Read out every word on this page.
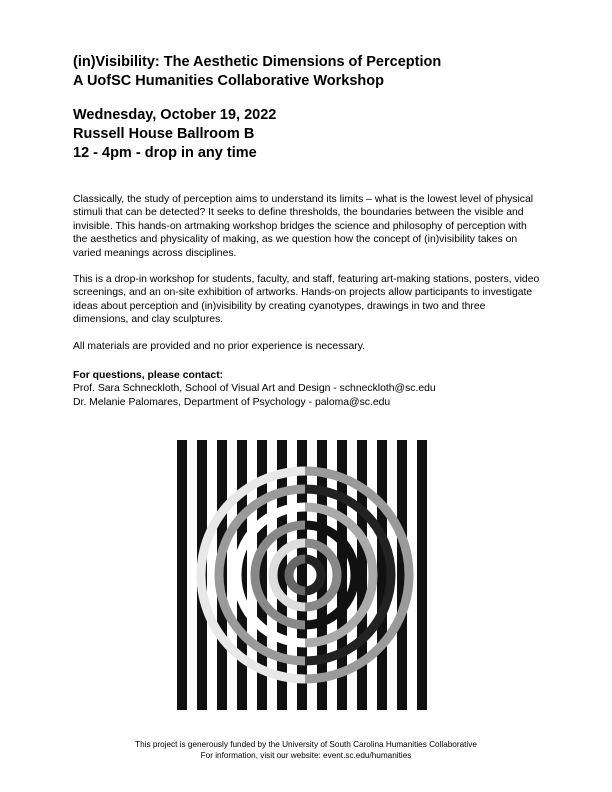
(in)Visibility: The Aesthetic Dimensions of Perception
A UofSC Humanities Collaborative Workshop
Wednesday, October 19, 2022
Russell House Ballroom B
12 - 4pm - drop in any time

Classically, the study of perception aims to understand its limits – what is the lowest level of physical stimuli that can be detected? It seeks to define thresholds, the boundaries between the visible and invisible. This hands-on artmaking workshop bridges the science and philosophy of perception with the aesthetics and physicality of making, as we question how the concept of (in)visibility takes on varied meanings across disciplines.

This is a drop-in workshop for students, faculty, and staff, featuring art-making stations, posters, video screenings, and an on-site exhibition of artworks. Hands-on projects allow participants to investigate ideas about perception and (in)visibility by creating cyanotypes, drawings in two and three dimensions, and clay sculptures.

All materials are provided and no prior experience is necessary.

For questions, please contact:
Prof. Sara Schneckloth, School of Visual Art and Design - schneckloth@sc.edu
Dr. Melanie Palomares, Department of Psychology - paloma@sc.edu
This project is generously funded by the University of South Carolina Humanities Collaborative
For information, visit our website: event.sc.edu/humanities
